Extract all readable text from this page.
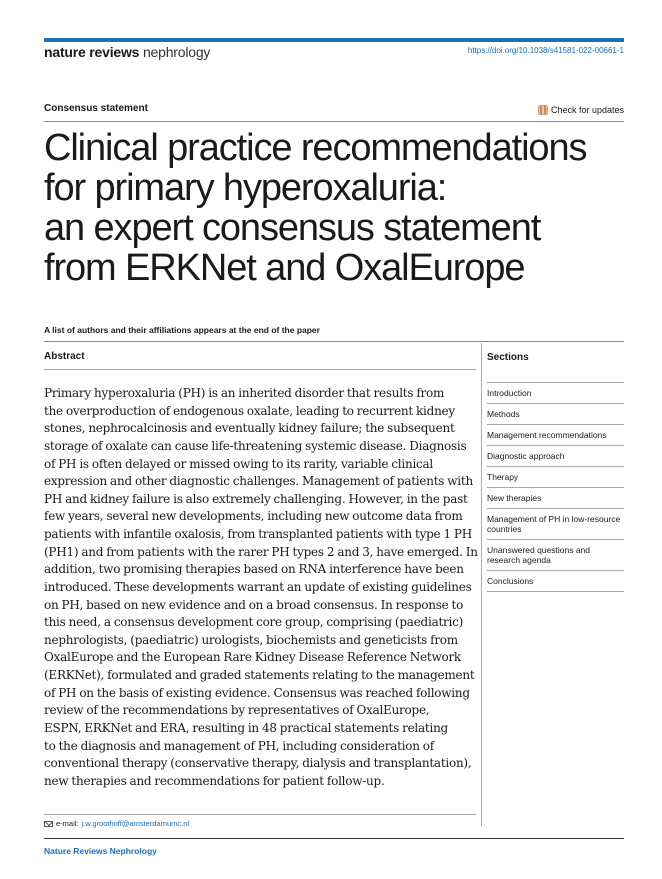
nature reviews nephrology	https://doi.org/10.1038/s41581-022-00661-1
Consensus statement	Check for updates
Clinical practice recommendations
for primary hyperoxaluria:
an expert consensus statement
from ERKNet and OxalEurope
A list of authors and their affiliations appears at the end of the paper
Abstract
Primary hyperoxaluria (PH) is an inherited disorder that results from
the overproduction of endogenous oxalate, leading to recurrent kidney
stones, nephrocalcinosis and eventually kidney failure; the subsequent
storage of oxalate can cause life-threatening systemic disease. Diagnosis
of PH is often delayed or missed owing to its rarity, variable clinical
expression and other diagnostic challenges. Management of patients with
PH and kidney failure is also extremely challenging. However, in the past
few years, several new developments, including new outcome data from
patients with infantile oxalosis, from transplanted patients with type 1 PH
(PH1) and from patients with the rarer PH types 2 and 3, have emerged. In
addition, two promising therapies based on RNA interference have been
introduced. These developments warrant an update of existing guidelines
on PH, based on new evidence and on a broad consensus. In response to
this need, a consensus development core group, comprising (paediatric)
nephrologists, (paediatric) urologists, biochemists and geneticists from
OxalEurope and the European Rare Kidney Disease Reference Network
(ERKNet), formulated and graded statements relating to the management
of PH on the basis of existing evidence. Consensus was reached following
review of the recommendations by representatives of OxalEurope,
ESPN, ERKNet and ERA, resulting in 48 practical statements relating
to the diagnosis and management of PH, including consideration of
conventional therapy (conservative therapy, dialysis and transplantation),
new therapies and recommendations for patient follow-up.
Sections
Introduction
Methods
Management recommendations
Diagnostic approach
Therapy
New therapies
Management of PH in low-resource countries
Unanswered questions and research agenda
Conclusions
e-mail: j.w.groothoff@amsterdamumc.nl
Nature Reviews Nephrology
